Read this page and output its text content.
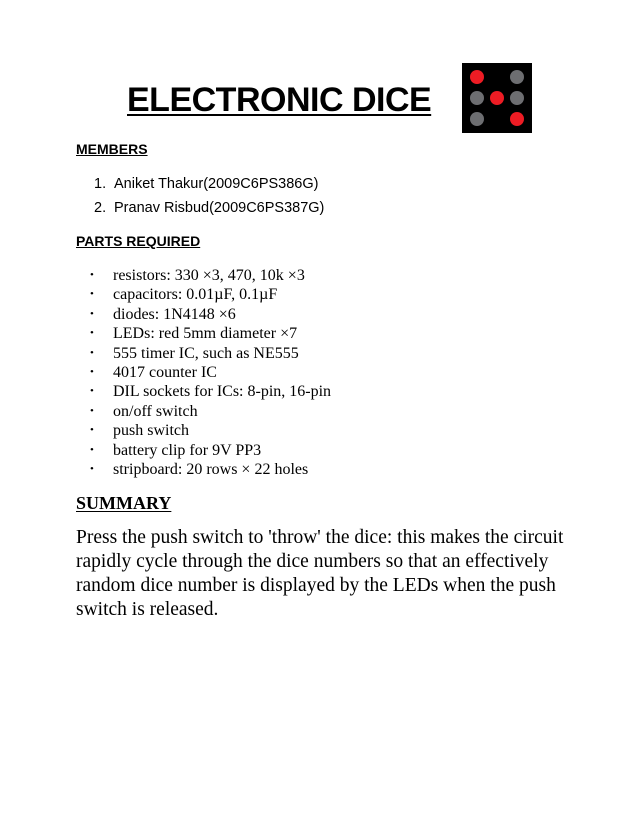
ELECTRONIC DICE
MEMBERS
1. Aniket Thakur(2009C6PS386G)
2. Pranav Risbud(2009C6PS387G)
PARTS REQUIRED
• resistors: 330 ×3, 470, 10k ×3
• capacitors: 0.01µF, 0.1µF
• diodes: 1N4148 ×6
• LEDs: red 5mm diameter ×7
• 555 timer IC, such as NE555
• 4017 counter IC
• DIL sockets for ICs: 8-pin, 16-pin
• on/off switch
• push switch
• battery clip for 9V PP3
• stripboard: 20 rows × 22 holes
SUMMARY

Press the push switch to 'throw' the dice: this makes the circuit rapidly cycle through the dice numbers so that an effectively random dice number is displayed by the LEDs when the push switch is released.
